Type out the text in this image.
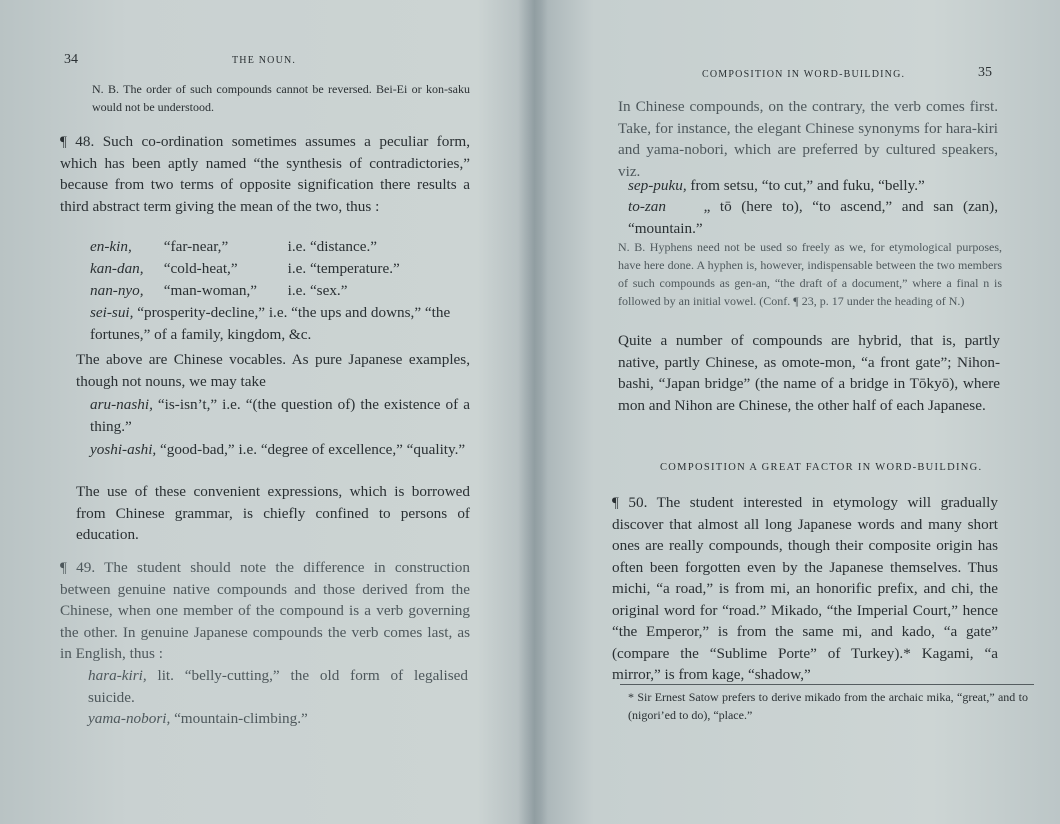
34	THE NOUN.
N. B. The order of such compounds cannot be reversed. Bei-Ei or kon-saku would not be understood.
¶ 48. Such co-ordination sometimes assumes a peculiar form, which has been aptly named “the synthesis of contradictories,” because from two terms of opposite signification there results a third abstract term giving the mean of the two, thus :
en-kin, “far-near,”	i.e. “distance.”
kan-dan, “cold-heat,”	i.e. “temperature.”
nan-nyo, “man-woman,” i.e. “sex.”
sei-sui, “prosperity-decline,” i.e. “the ups and downs,” “the fortunes,” of a family, kingdom, &c.
The above are Chinese vocables. As pure Japanese examples, though not nouns, we may take
aru-nashi, “is-isn’t,” i.e. “(the question of) the existence of a thing.”
yoshi-ashi, “good-bad,” i.e. “degree of excellence,” “quality.”
The use of these convenient expressions, which is borrowed from Chinese grammar, is chiefly confined to persons of education.
¶ 49. The student should note the difference in construction between genuine native compounds and those derived from the Chinese, when one member of the compound is a verb governing the other. In genuine Japanese compounds the verb comes last, as in English, thus :
hara-kiri, lit. “belly-cutting,” the old form of legalised suicide.
yama-nobori, “mountain-climbing.”
COMPOSITION IN WORD-BUILDING.	35
In Chinese compounds, on the contrary, the verb comes first. Take, for instance, the elegant Chinese synonyms for hara-kiri and yama-nobori, which are preferred by cultured speakers, viz.
sep-puku, from setsu, “to cut,” and fuku, “belly.”
to-zan „ tō (here to), “to ascend,” and san (zan), “mountain.”
N. B. Hyphens need not be used so freely as we, for etymological purposes, have here done. A hyphen is, however, indispensable between the two members of such compounds as gen-an, “the draft of a document,” where a final n is followed by an initial vowel. (Conf. ¶ 23, p. 17 under the heading of N.)
Quite a number of compounds are hybrid, that is, partly native, partly Chinese, as omote-mon, “a front gate”; Nihon-bashi, “Japan bridge” (the name of a bridge in Tōkyō), where mon and Nihon are Chinese, the other half of each Japanese.
COMPOSITION A GREAT FACTOR IN WORD-BUILDING.
¶ 50. The student interested in etymology will gradually discover that almost all long Japanese words and many short ones are really compounds, though their composite origin has often been forgotten even by the Japanese themselves. Thus michi, “a road,” is from mi, an honorific prefix, and chi, the original word for “road.” Mikado, “the Imperial Court,” hence “the Emperor,” is from the same mi, and kado, “a gate” (compare the “Sublime Porte” of Turkey).* Kagami, “a mirror,” is from kage, “shadow,”
* Sir Ernest Satow prefers to derive mikado from the archaic mika, “great,” and to (nigori’ed to do), “place.”
